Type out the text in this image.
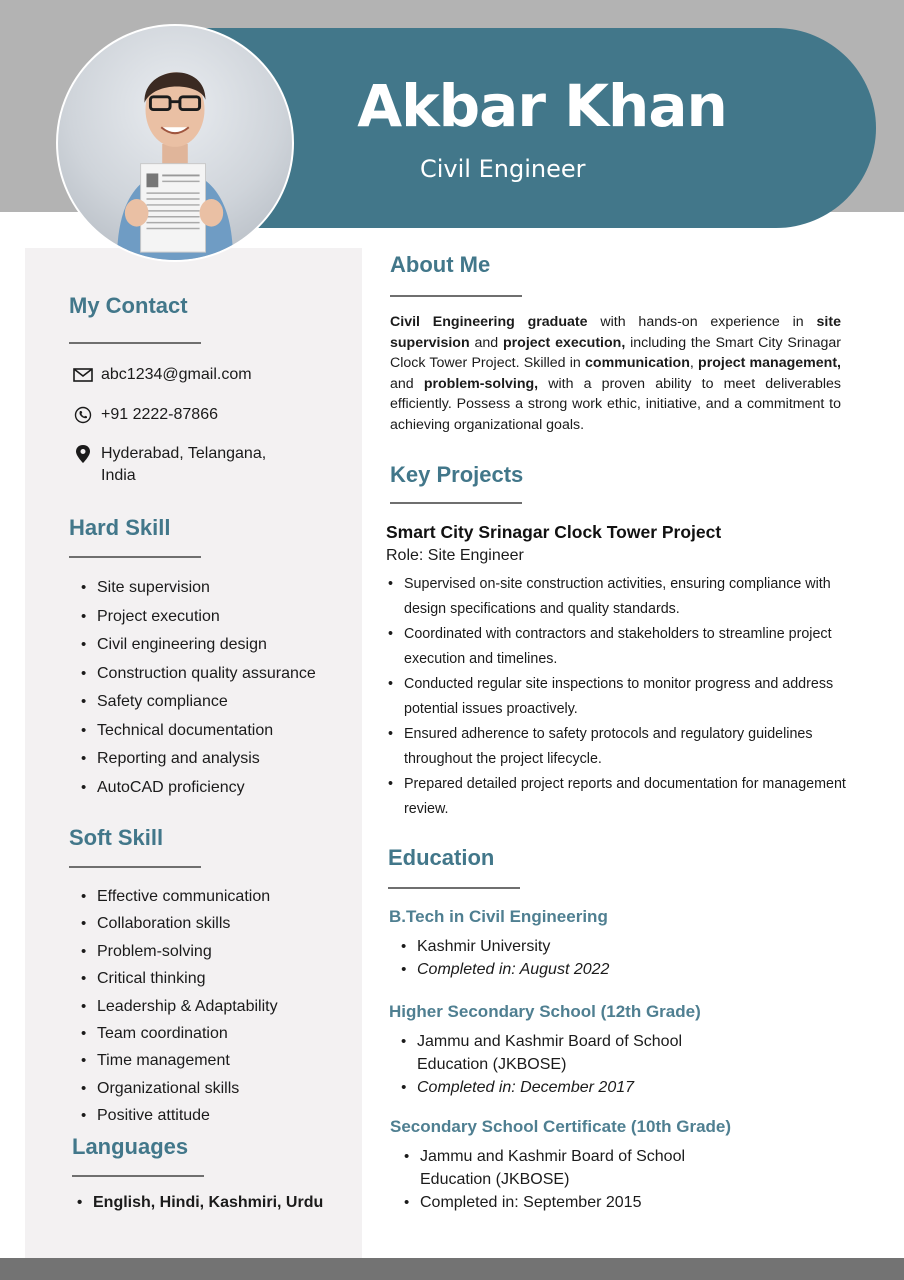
Akbar Khan
Civil Engineer
My Contact
abc1234@gmail.com
+91 2222-87866
Hyderabad, Telangana,
India
Hard Skill
• Site supervision
• Project execution
• Civil engineering design
• Construction quality assurance
• Safety compliance
• Technical documentation
• Reporting and analysis
• AutoCAD proficiency
Soft Skill
• Effective communication
• Collaboration skills
• Problem-solving
• Critical thinking
• Leadership & Adaptability
• Team coordination
• Time management
• Organizational skills
• Positive attitude
Languages
• English, Hindi, Kashmiri, Urdu
About Me
Civil Engineering graduate with hands-on experience in site supervision and project execution, including the Smart City Srinagar Clock Tower Project. Skilled in communication, project management, and problem-solving, with a proven ability to meet deliverables efficiently. Possess a strong work ethic, initiative, and a commitment to achieving organizational goals.
Key Projects
Smart City Srinagar Clock Tower Project
Role: Site Engineer
• Supervised on-site construction activities, ensuring compliance with design specifications and quality standards.
• Coordinated with contractors and stakeholders to streamline project execution and timelines.
• Conducted regular site inspections to monitor progress and address potential issues proactively.
• Ensured adherence to safety protocols and regulatory guidelines throughout the project lifecycle.
• Prepared detailed project reports and documentation for management review.
Education
B.Tech in Civil Engineering
• Kashmir University
• Completed in: August 2022
Higher Secondary School (12th Grade)
• Jammu and Kashmir Board of School Education (JKBOSE)
• Completed in: December 2017
Secondary School Certificate (10th Grade)
• Jammu and Kashmir Board of School Education (JKBOSE)
• Completed in: September 2015
